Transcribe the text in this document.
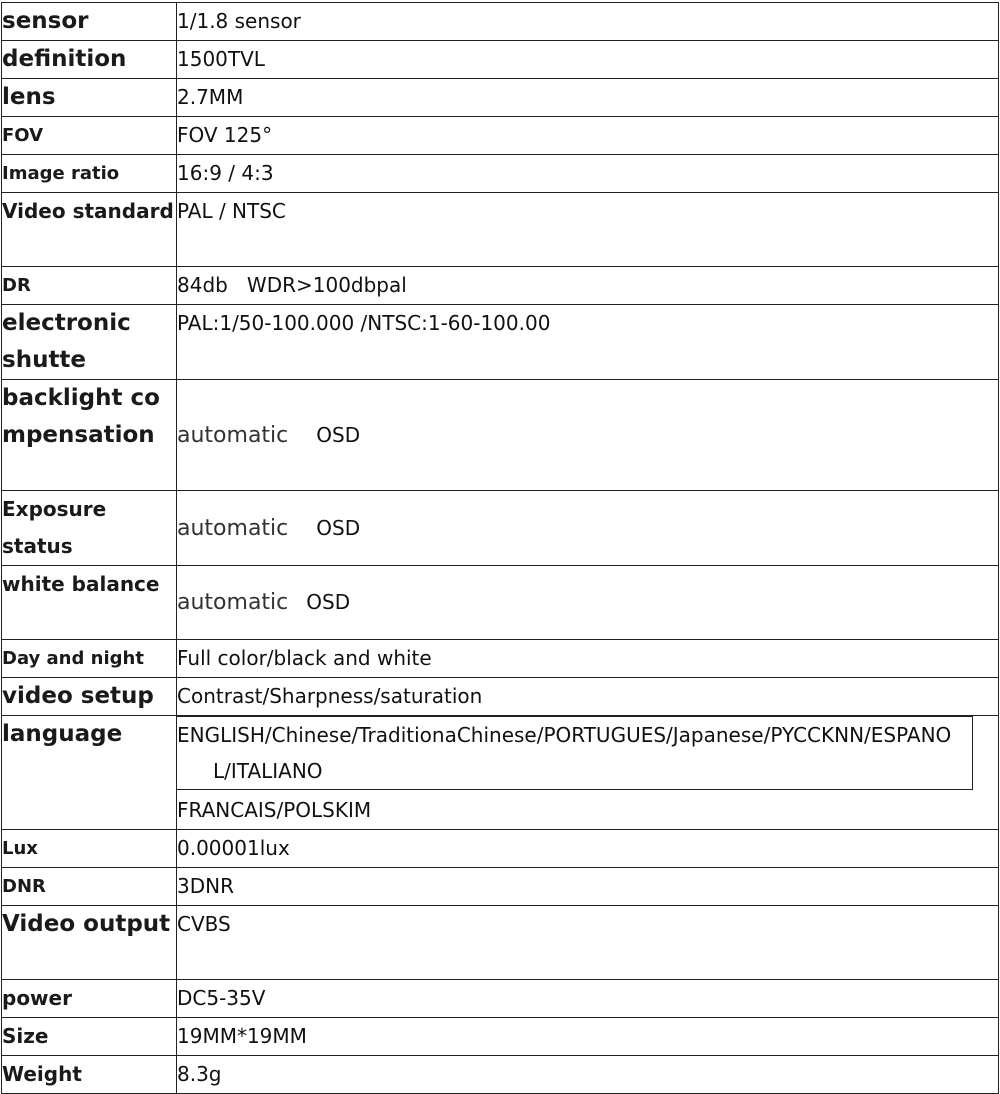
sensor	1/1.8 sensor
definition	1500TVL
lens	2.7MM
FOV	FOV 125°
Image ratio	16:9 / 4:3
Video standard	PAL / NTSC
DR	84db   WDR>100dbpal
electronic shutte	PAL:1/50-100.000 /NTSC:1-60-100.00
backlight compensation	automatic OSD
Exposure status	automatic OSD
white balance	automatic OSD
Day and night	Full color/black and white
video setup	Contrast/Sharpness/saturation
language	ENGLISH/Chinese/TraditionaChinese/PORTUGUES/Japanese/PYCCKNN/ESPANO
L/ITALIANO
FRANCAIS/POLSKIM

Lux	0.00001lux
DNR	3DNR
Video output	CVBS
power	DC5-35V
Size	19MM*19MM
Weight	8.3g
